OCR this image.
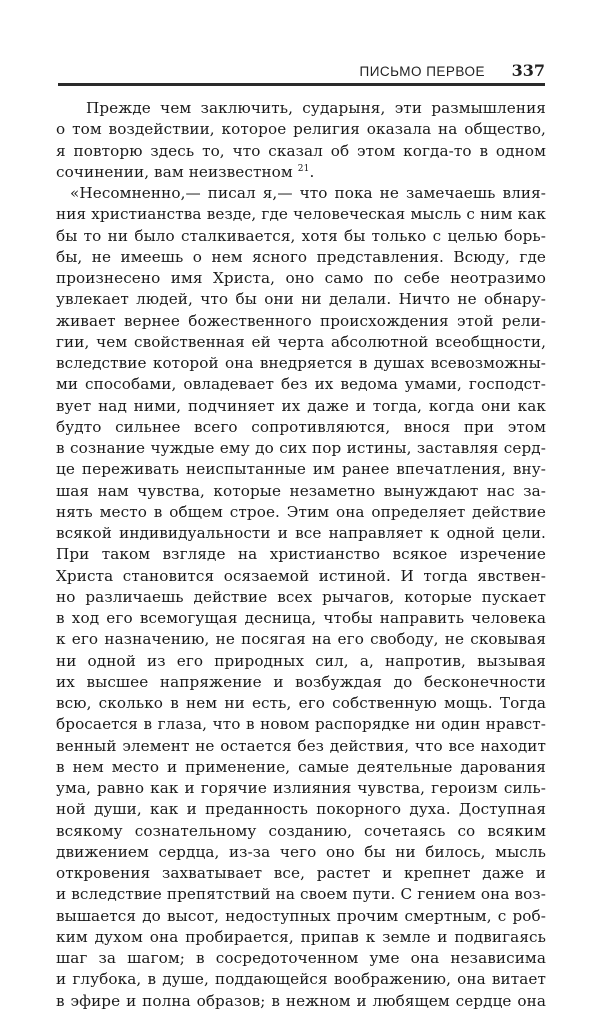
ПИСЬМО ПЕРВОЕ 337
Прежде чем заключить, сударыня, эти размышления
о том воздействии, которое религия оказала на общество,
я повторю здесь то, что сказал об этом когда-то в одном
сочинении, вам неизвестном $^{21}$.
«Несомненно,— писал я,— что пока не замечаешь влия-
ния христианства везде, где человеческая мысль с ним как
бы то ни было сталкивается, хотя бы только с целью борь-
бы, не имеешь о нем ясного представления. Всюду, где
произнесено имя Христа, оно само по себе неотразимо
увлекает людей, что бы они ни делали. Ничто не обнару-
живает вернее божественного происхождения этой рели-
гии, чем свойственная ей черта абсолютной всеобщности,
вследствие которой она внедряется в душах всевозможны-
ми способами, овладевает без их ведома умами, господст-
вует над ними, подчиняет их даже и тогда, когда они как
будто сильнее всего сопротивляются, внося при этом
в сознание чуждые ему до сих пор истины, заставляя серд-
це переживать неиспытанные им ранее впечатления, вну-
шая нам чувства, которые незаметно вынуждают нас за-
нять место в общем строе. Этим она определяет действие
всякой индивидуальности и все направляет к одной цели.
При таком взгляде на христианство всякое изречение
Христа становится осязаемой истиной. И тогда явствен-
но различаешь действие всех рычагов, которые пускает
в ход его всемогущая десница, чтобы направить человека
к его назначению, не посягая на его свободу, не сковывая
ни одной из его природных сил, а, напротив, вызывая
их высшее напряжение и возбуждая до бесконечности
всю, сколько в нем ни есть, его собственную мощь. Тогда
бросается в глаза, что в новом распорядке ни один нравст-
венный элемент не остается без действия, что все находит
в нем место и применение, самые деятельные дарования
ума, равно как и горячие излияния чувства, героизм силь-
ной души, как и преданность покорного духа. Доступная
всякому сознательному созданию, сочетаясь со всяким
движением сердца, из-за чего оно бы ни билось, мысль
откровения захватывает все, растет и крепнет даже и
и вследствие препятствий на своем пути. С гением она воз-
вышается до высот, недоступных прочим смертным, с роб-
ким духом она пробирается, припав к земле и подвигаясь
шаг за шагом; в сосредоточенном уме она независима
и глубока, в душе, поддающейся воображению, она витает
в эфире и полна образов; в нежном и любящем сердце она
